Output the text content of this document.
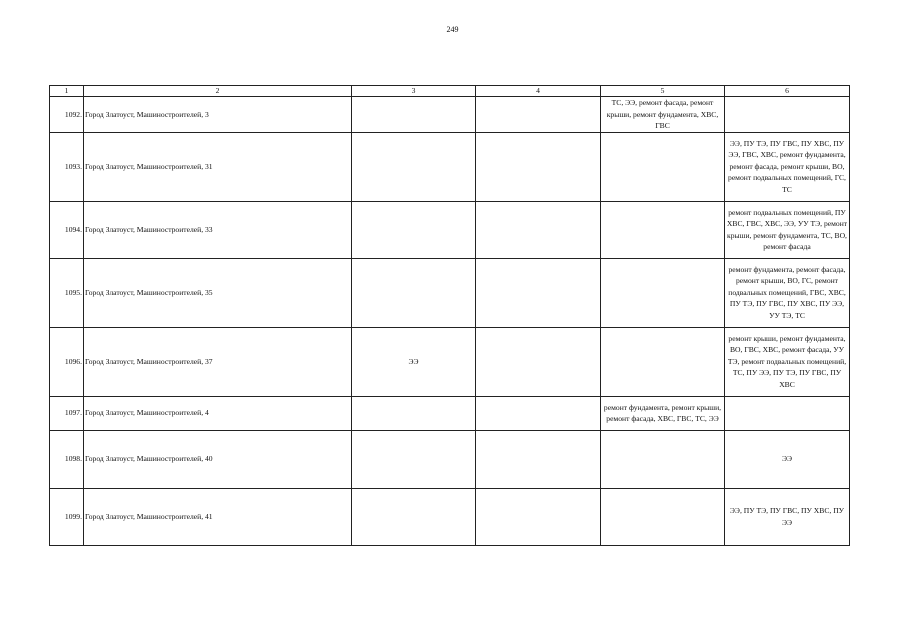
249
1	2	3	4	5	6
1092.	Город Златоуст, Машиностроителей, 3			ТС, ЭЭ, ремонт фасада, ремонт крыши, ремонт фундамента, ХВС, ГВС	
1093.	Город Златоуст, Машиностроителей, 31				ЭЭ, ПУ ТЭ, ПУ ГВС, ПУ ХВС, ПУ ЭЭ, ГВС, ХВС, ремонт фундамента, ремонт фасада, ремонт крыши, ВО, ремонт подвальных помещений, ГС, ТС
1094.	Город Златоуст, Машиностроителей, 33				ремонт подвальных помещений, ПУ ХВС, ГВС, ХВС, ЭЭ, УУ ТЭ, ремонт крыши, ремонт фундамента, ТС, ВО, ремонт фасада
1095.	Город Златоуст, Машиностроителей, 35				ремонт фундамента, ремонт фасада, ремонт крыши, ВО, ГС, ремонт подвальных помещений, ГВС, ХВС, ПУ ТЭ, ПУ ГВС, ПУ ХВС, ПУ ЭЭ, УУ ТЭ, ТС
1096.	Город Златоуст, Машиностроителей, 37	ЭЭ			ремонт крыши, ремонт фундамента, ВО, ГВС, ХВС, ремонт фасада, УУ ТЭ, ремонт подвальных помещений, ТС, ПУ ЭЭ, ПУ ТЭ, ПУ ГВС, ПУ ХВС
1097.	Город Златоуст, Машиностроителей, 4			ремонт фундамента, ремонт крыши, ремонт фасада, ХВС, ГВС, ТС, ЭЭ	
1098.	Город Златоуст, Машиностроителей, 40				ЭЭ
1099.	Город Златоуст, Машиностроителей, 41				ЭЭ, ПУ ТЭ, ПУ ГВС, ПУ ХВС, ПУ ЭЭ
